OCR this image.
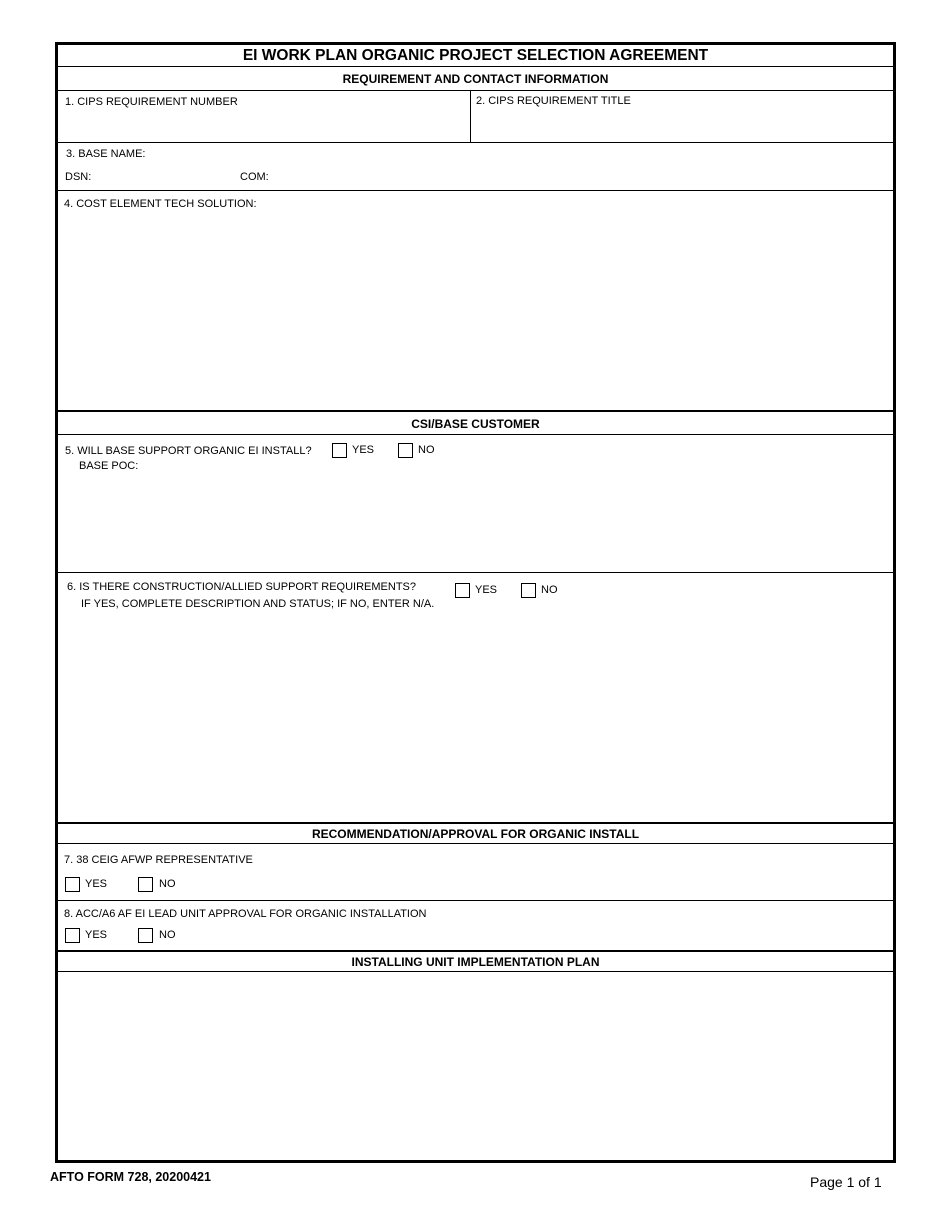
EI WORK PLAN ORGANIC PROJECT SELECTION AGREEMENT
REQUIREMENT AND CONTACT INFORMATION
1. CIPS REQUIREMENT NUMBER	2. CIPS REQUIREMENT TITLE
3. BASE NAME:
DSN:	COM:
4. COST ELEMENT TECH SOLUTION:
CSI/BASE CUSTOMER
5. WILL BASE SUPPORT ORGANIC EI INSTALL?	YES	NO
BASE POC:
6. IS THERE CONSTRUCTION/ALLIED SUPPORT REQUIREMENTS?
IF YES, COMPLETE DESCRIPTION AND STATUS; IF NO, ENTER N/A.
YES	NO
RECOMMENDATION/APPROVAL FOR ORGANIC INSTALL
7. 38 CEIG AFWP REPRESENTATIVE
YES	NO
8. ACC/A6 AF EI LEAD UNIT APPROVAL FOR ORGANIC INSTALLATION
YES	NO
INSTALLING UNIT IMPLEMENTATION PLAN
AFTO FORM 728, 20200421	Page 1 of 1
